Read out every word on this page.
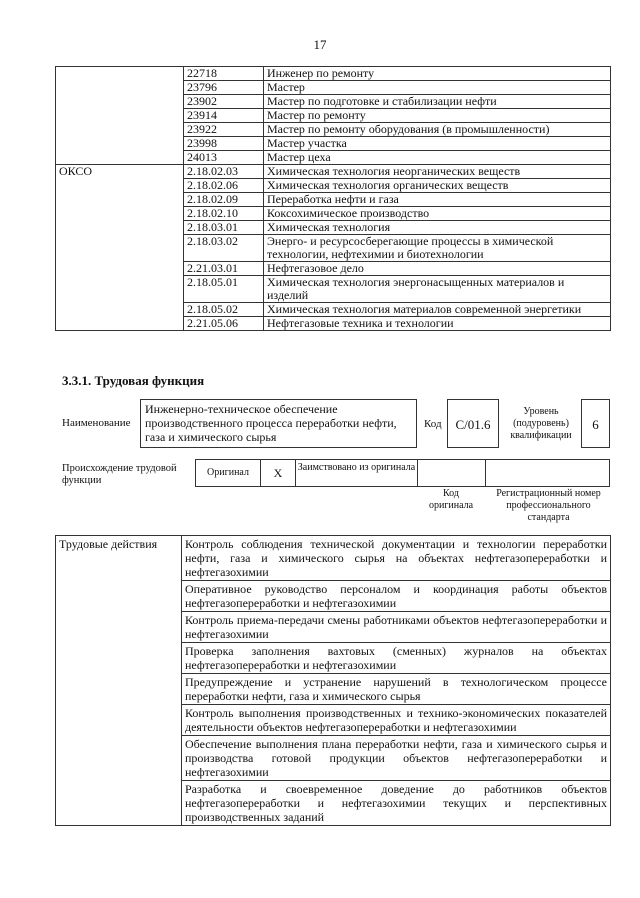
17
	22718	Инженер по ремонту
	23796	Мастер
	23902	Мастер по подготовке и стабилизации нефти
	23914	Мастер по ремонту
	23922	Мастер по ремонту оборудования (в промышленности)
	23998	Мастер участка
	24013	Мастер цеха
ОКСО	2.18.02.03	Химическая технология неорганических веществ
	2.18.02.06	Химическая технология органических веществ
	2.18.02.09	Переработка нефти и газа
	2.18.02.10	Коксохимическое производство
	2.18.03.01	Химическая технология
	2.18.03.02	Энерго- и ресурсосберегающие процессы в химической технологии, нефтехимии и биотехнологии
	2.21.03.01	Нефтегазовое дело
	2.18.05.01	Химическая технология энергонасыщенных материалов и изделий
	2.18.05.02	Химическая технология материалов современной энергетики
	2.21.05.06	Нефтегазовые техника и технологии
3.3.1. Трудовая функция
Наименование
Инженерно-техническое обеспечение производственного процесса переработки нефти, газа и химического сырья
Код	C/01.6
Уровень (подуровень) квалификации
6
Происхождение трудовой функции
Оригинал	X	Заимствовано из оригинала
Код оригинала
Регистрационный номер профессионального стандарта
Трудовые действия	Контроль соблюдения технической документации и технологии переработки нефти, газа и химического сырья на объектах нефтегазопереработки и нефтегазохимии
Оперативное руководство персоналом и координация работы объектов нефтегазопереработки и нефтегазохимии
Контроль приема-передачи смены работниками объектов нефтегазопереработки и нефтегазохимии
Проверка заполнения вахтовых (сменных) журналов на объектах нефтегазопереработки и нефтегазохимии
Предупреждение и устранение нарушений в технологическом процессе переработки нефти, газа и химического сырья
Контроль выполнения производственных и технико-экономических показателей деятельности объектов нефтегазопереработки и нефтегазохимии
Обеспечение выполнения плана переработки нефти, газа и химического сырья и производства готовой продукции объектов нефтегазопереработки и нефтегазохимии
Разработка и своевременное доведение до работников объектов нефтегазопереработки и нефтегазохимии текущих и перспективных производственных заданий
